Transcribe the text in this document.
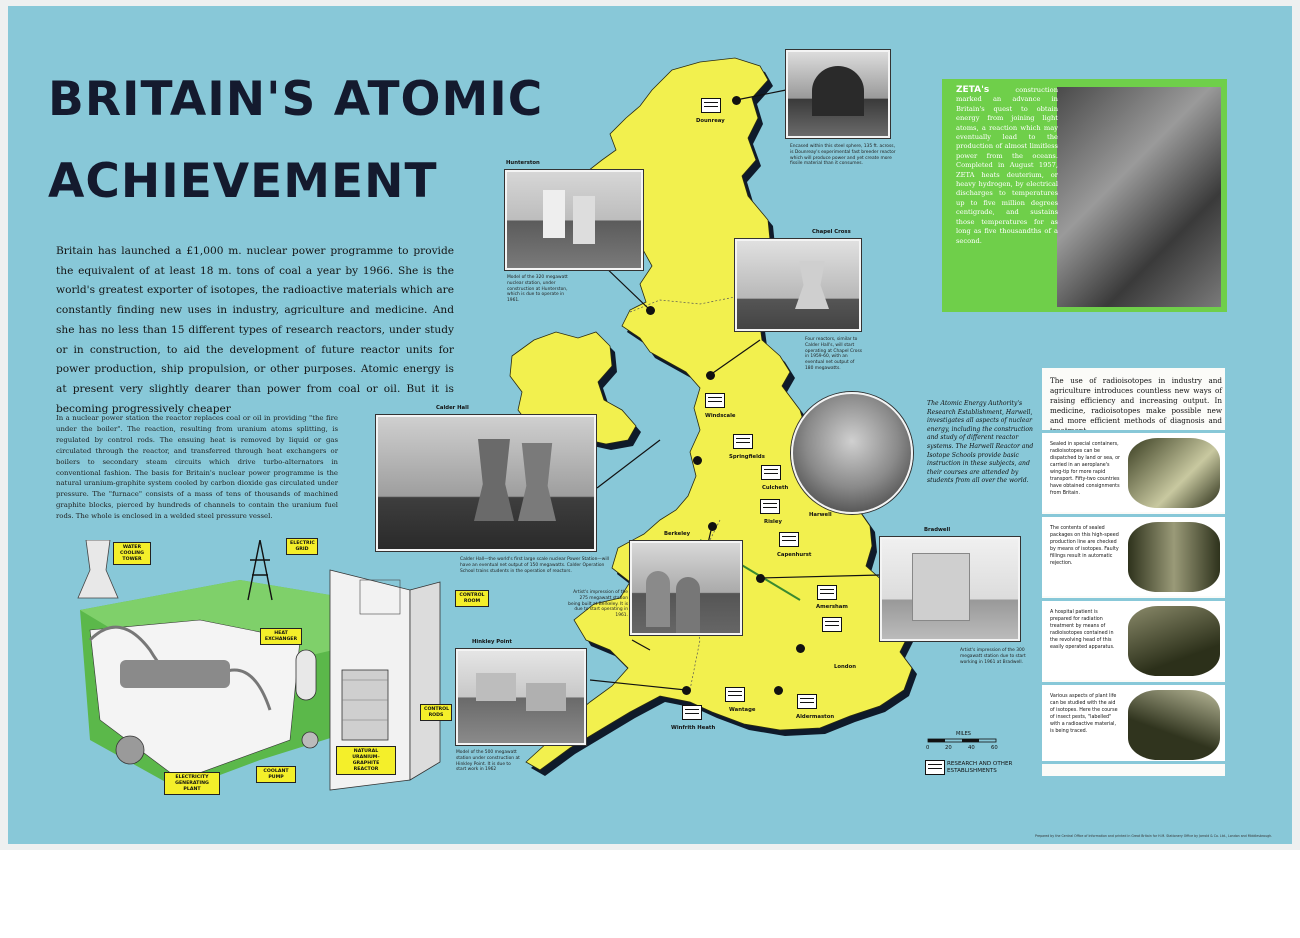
BRITAIN'S ATOMIC
ACHIEVEMENT
Britain has launched a £1,000 m. nuclear power programme to provide the equivalent of at least 18 m. tons of coal a year by 1966. She is the world's greatest exporter of isotopes, the radioactive materials which are constantly finding new uses in industry, agriculture and medicine. And she has no less than 15 different types of research reactors, under study or in construction, to aid the development of future reactor units for power production, ship propulsion, or other purposes. Atomic energy is at present very slightly dearer than power from coal or oil. But it is becoming progressively cheaper
In a nuclear power station the reactor replaces coal or oil in providing "the fire under the boiler". The reaction, resulting from uranium atoms splitting, is regulated by control rods. The ensuing heat is removed by liquid or gas circulated through the reactor, and transferred through heat exchangers or boilers to secondary steam circuits which drive turbo-alternators in conventional fashion. The basis for Britain's nuclear power programme is the natural uranium-graphite system cooled by carbon dioxide gas circulated under pressure. The "furnace" consists of a mass of tens of thousands of machined graphite blocks, pierced by hundreds of channels to contain the uranium fuel rods. The whole is enclosed in a welded steel pressure vessel.
Encased within this steel sphere, 135 ft. across, is Dounreay's experimental fast breeder reactor which will produce power and yet create more fissile material than it consumes.
Hunterston
Model of the 320 megawatt nuclear station, under construction at Hunterston, which is due to operate in 1961.
Chapel Cross
Four reactors, similar to Calder Hall's, will start operating at Chapel Cross in 1959-60, with an eventual net output of 180 megawatts.
Calder Hall
Calder Hall—the world's first large scale nuclear Power Station—will have an eventual net output of 150 megawatts. Calder Operation School trains students in the operation of reactors.
Berkeley
Artist's impression of the 275 megawatt station being built at Berkeley. It is due to start operating in 1961.
Bradwell
Artist's impression of the 300 megawatt station due to start working in 1961 at Bradwell.
Hinkley Point
Model of the 500 megawatt station under construction at Hinkley Point. It is due to start work in 1962
The Atomic Energy Authority's Research Establishment, Harwell, investigates all aspects of nuclear energy, including the construction and study of different reactor systems. The Harwell Reactor and Isotope Schools provide basic instruction in these subjects, and their courses are attended by students from all over the world.
Dounreay
Windscale
Springfields
Culcheth
Risley
Capenhurst
Harwell
Amersham
London
Aldermaston
Wantage
Winfrith Heath
ZETA's construction marked an advance in Britain's quest to obtain energy from joining light atoms, a reaction which may eventually lead to the production of almost limitless power from the oceans. Completed in August 1957, ZETA heats deuterium, or heavy hydrogen, by electrical discharges to temperatures up to five million degrees centigrade, and sustains those temperatures for as long as five thousandths of a second.
The use of radioisotopes in industry and agriculture introduces countless new ways of raising efficiency and increasing output. In medicine, radioisotopes make possible new and more efficient methods of diagnosis and
Sealed in special containers, radioisotopes can be dispatched by land or sea, or carried in an aeroplane's wing-tip for more rapid transport. Fifty-two countries have obtained consignments from Britain.
The contents of sealed packages on this high-speed production line are checked by means of isotopes. Faulty fillings result in automatic rejection.
A hospital patient is prepared for radiation treatment by means of radioisotopes contained in the revolving head of this easily operated apparatus.
Various aspects of plant life can be studied with the aid of isotopes. Here the course of insect pests, "labelled" with a radioactive material, is being traced.
WATER COOLING TOWER
ELECTRIC GRID
CONTROL ROOM
HEAT EXCHANGER
CONTROL RODS
NATURAL URANIUM–GRAPHITE REACTOR
COOLANT PUMP
ELECTRICITY GENERATING PLANT
MILES
0	20	40	60
RESEARCH AND OTHER ESTABLISHMENTS
Prepared by the Central Office of Information and printed in Great Britain for H.M. Stationery Office by Jarrold & Co. Ltd., London and Middlesbrough.
